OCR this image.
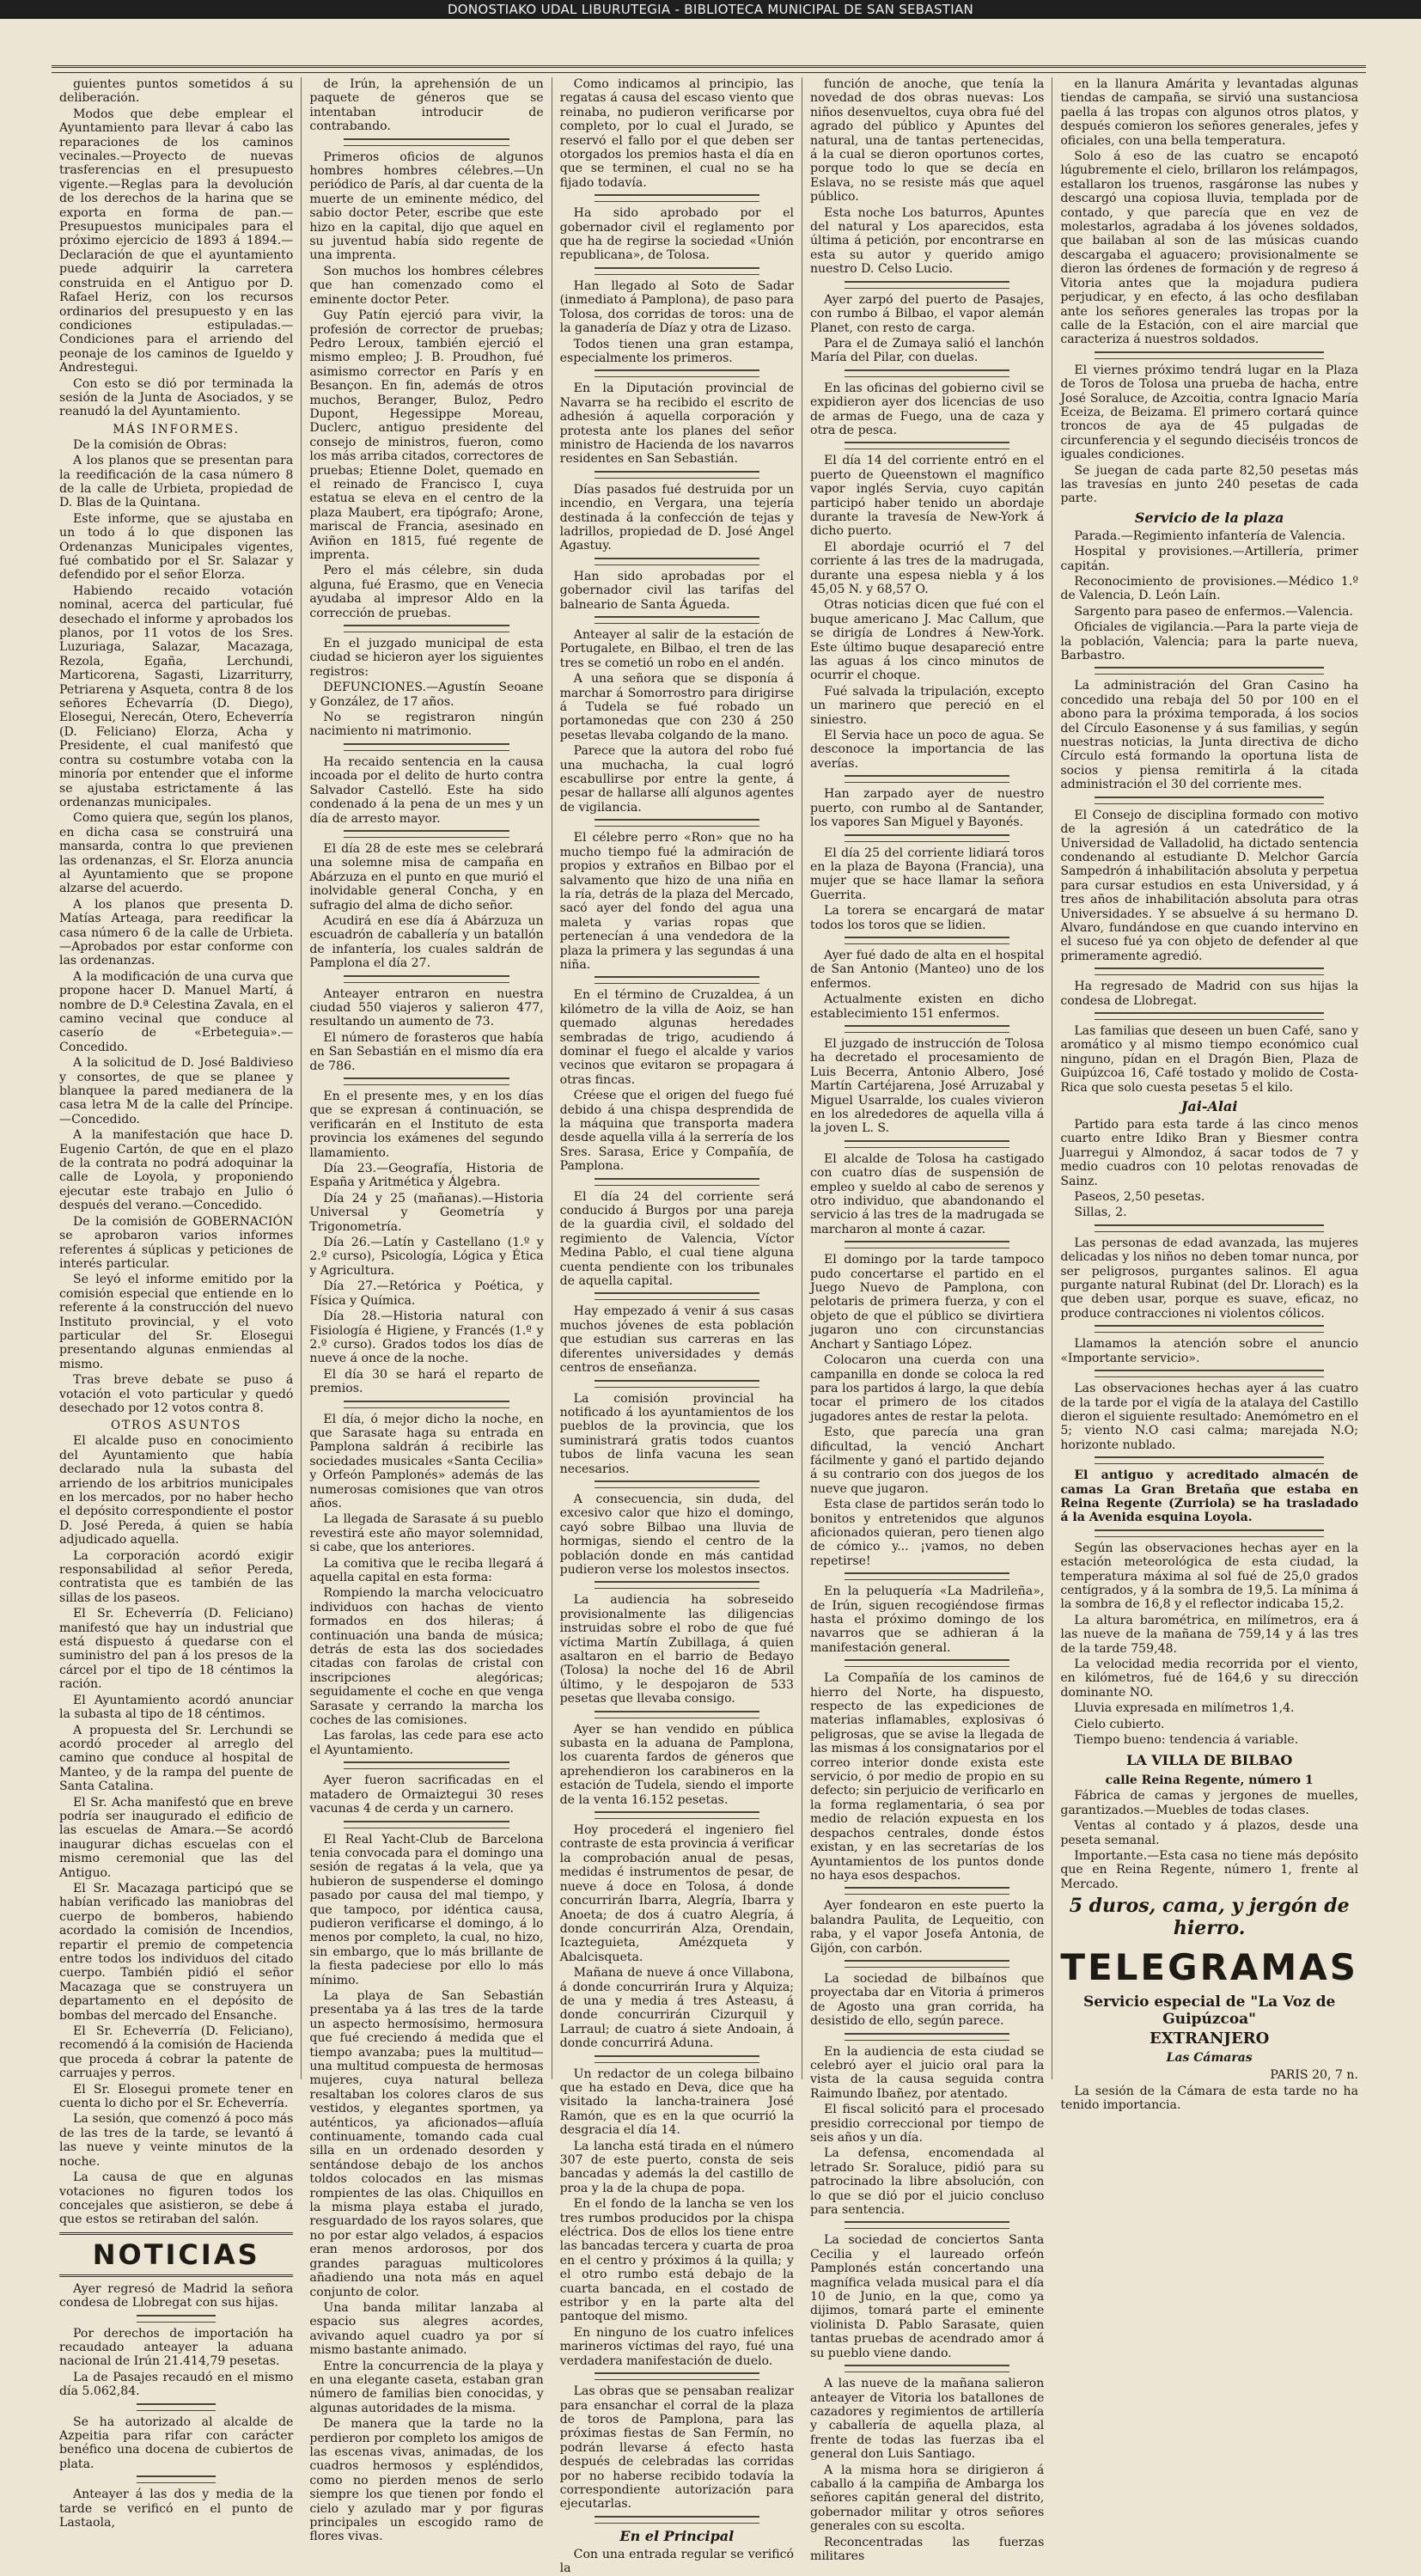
DONOSTIAKO UDAL LIBURUTEGIA - BIBLIOTECA MUNICIPAL DE SAN SEBASTIAN

guientes puntos sometidos á su deliberación.

Modos que debe emplear el Ayuntamiento para llevar á cabo las reparaciones de los caminos vecinales.—Proyecto de nuevas trasferencias en el presupuesto vigente.—Reglas para la devolución de los derechos de la harina que se exporta en forma de pan.—Presupuestos municipales para el próximo ejercicio de 1893 á 1894.—Declaración de que el ayuntamiento puede adquirir la carretera construida en el Antiguo por D. Rafael Heriz, con los recursos ordinarios del presupuesto y en las condiciones estipuladas.—Condiciones para el arriendo del peonaje de los caminos de Igueldo y Andrestegui.

Con esto se dió por terminada la sesión de la Junta de Asociados, y se reanudó la del Ayuntamiento.

MÁS INFORMES.

De la comisión de Obras:

A los planos que se presentan para la reedificación de la casa número 8 de la calle de Urbieta, propiedad de D. Blas de la Quintana.

Este informe, que se ajustaba en un todo á lo que disponen las Ordenanzas Municipales vigentes, fué combatido por el Sr. Salazar y defendido por el señor Elorza.

Habiendo recaido votación nominal, acerca del particular, fué desechado el informe y aprobados los planos, por 11 votos de los Sres. Luzuriaga, Salazar, Macazaga, Rezola, Egaña, Lerchundi, Marticorena, Sagasti, Lizarriturry, Petriarena y Asqueta, contra 8 de los señores Echevarría (D. Diego), Elosegui, Nerecán, Otero, Echeverría (D. Feliciano) Elorza, Acha y Presidente, el cual manifestó que contra su costumbre votaba con la minoría por entender que el informe se ajustaba estrictamente á las ordenanzas municipales.

Como quiera que, según los planos, en dicha casa se construirá una mansarda, contra lo que previenen las ordenanzas, el Sr. Elorza anuncia al Ayuntamiento que se propone alzarse del acuerdo.

A los planos que presenta D. Matías Arteaga, para reedificar la casa número 6 de la calle de Urbieta.—Aprobados por estar conforme con las ordenanzas.

A la modificación de una curva que propone hacer D. Manuel Martí, á nombre de D.ª Celestina Zavala, en el camino vecinal que conduce al caserío de «Erbeteguia».—Concedido.

A la solicitud de D. José Baldivieso y consortes, de que se planee y blanquee la pared medianera de la casa letra M de la calle del Príncipe.—Concedido.

A la manifestación que hace D. Eugenio Cartón, de que en el plazo de la contrata no podrá adoquinar la calle de Loyola, y proponiendo ejecutar este trabajo en Julio ó después del verano.—Concedido.

De la comisión de GOBERNACIÓN se aprobaron varios informes referentes á súplicas y peticiones de interés particular.

Se leyó el informe emitido por la comisión especial que entiende en lo referente á la construcción del nuevo Instituto provincial, y el voto particular del Sr. Elosegui presentando algunas enmiendas al mismo.

Tras breve debate se puso á votación el voto particular y quedó desechado por 12 votos contra 8.

OTROS ASUNTOS

El alcalde puso en conocimiento del Ayuntamiento que había declarado nula la subasta del arriendo de los arbitrios municipales en los mercados, por no haber hecho el depósito correspondiente el postor D. José Pereda, á quien se había adjudicado aquella.

La corporación acordó exigir responsabilidad al señor Pereda, contratista que es también de las sillas de los paseos.

El Sr. Echeverría (D. Feliciano) manifestó que hay un industrial que está dispuesto á quedarse con el suministro del pan á los presos de la cárcel por el tipo de 18 céntimos la ración.

El Ayuntamiento acordó anunciar la subasta al tipo de 18 céntimos.

A propuesta del Sr. Lerchundi se acordó proceder al arreglo del camino que conduce al hospital de Manteo, y de la rampa del puente de Santa Catalina.

El Sr. Acha manifestó que en breve podría ser inaugurado el edificio de las escuelas de Amara.—Se acordó inaugurar dichas escuelas con el mismo ceremonial que las del Antiguo.

El Sr. Macazaga participó que se habían verificado las maniobras del cuerpo de bomberos, habiendo acordado la comisión de Incendios, repartir el premio de competencia entre todos los individuos del citado cuerpo. También pidió el señor Macazaga que se construyera un departamento en el depósito de bombas del mercado del Ensanche.

El Sr. Echeverría (D. Feliciano), recomendó á la comisión de Hacienda que proceda á cobrar la patente de carruajes y perros.

El Sr. Elosegui promete tener en cuenta lo dicho por el Sr. Echeverría.

La sesión, que comenzó á poco más de las tres de la tarde, se levantó á las nueve y veinte minutos de la noche.

La causa de que en algunas votaciones no figuren todos los concejales que asistieron, se debe á que estos se retiraban del salón.

NOTICIAS

Ayer regresó de Madrid la señora condesa de Llobregat con sus hijas.

Por derechos de importación ha recaudado anteayer la aduana nacional de Irún 21.414,79 pesetas.

La de Pasajes recaudó en el mismo día 5.062,84.

Se ha autorizado al alcalde de Azpeitia para rifar con carácter benéfico una docena de cubiertos de plata.

Anteayer á las dos y media de la tarde se verificó en el punto de Lastaola,

de Irún, la aprehensión de un paquete de géneros que se intentaban introducir de contrabando.

Primeros oficios de algunos hombres hombres célebres.—Un periódico de París, al dar cuenta de la muerte de un eminente médico, del sabio doctor Peter, escribe que este hizo en la capital, dijo que aquel en su juventud había sido regente de una imprenta.

Son muchos los hombres célebres que han comenzado como el eminente doctor Peter.

Guy Patín ejerció para vivir, la profesión de corrector de pruebas; Pedro Leroux, también ejerció el mismo empleo; J. B. Proudhon, fué asimismo corrector en París y en Besançon. En fin, además de otros muchos, Beranger, Buloz, Pedro Dupont, Hegessippe Moreau, Duclerc, antiguo presidente del consejo de ministros, fueron, como los más arriba citados, correctores de pruebas; Etienne Dolet, quemado en el reinado de Francisco I, cuya estatua se eleva en el centro de la plaza Maubert, era tipógrafo; Arone, mariscal de Francia, asesinado en Aviñon en 1815, fué regente de imprenta.

Pero el más célebre, sin duda alguna, fué Erasmo, que en Venecia ayudaba al impresor Aldo en la corrección de pruebas.

En el juzgado municipal de esta ciudad se hicieron ayer los siguientes registros:

DEFUNCIONES.—Agustín Seoane y González, de 17 años.

No se registraron ningún nacimiento ni matrimonio.

Ha recaido sentencia en la causa incoada por el delito de hurto contra Salvador Castelló. Este ha sido condenado á la pena de un mes y un día de arresto mayor.

El día 28 de este mes se celebrará una solemne misa de campaña en Abárzuza en el punto en que murió el inolvidable general Concha, y en sufragio del alma de dicho señor.

Acudirá en ese día á Abárzuza un escuadrón de caballería y un batallón de infantería, los cuales saldrán de Pamplona el día 27.

Anteayer entraron en nuestra ciudad 550 viajeros y salieron 477, resultando un aumento de 73.

El número de forasteros que había en San Sebastián en el mismo día era de 786.

En el presente mes, y en los días que se expresan á continuación, se verificarán en el Instituto de esta provincia los exámenes del segundo llamamiento.

Día 23.—Geografía, Historia de España y Aritmética y Álgebra.

Día 24 y 25 (mañanas).—Historia Universal y Geometría y Trigonometría.

Día 26.—Latín y Castellano (1.º y 2.º curso), Psicología, Lógica y Ética y Agricultura.

Día 27.—Retórica y Poética, y Física y Química.

Día 28.—Historia natural con Fisiología é Higiene, y Francés (1.º y 2.º curso). Grados todos los días de nueve á once de la noche.

El día 30 se hará el reparto de premios.

El día, ó mejor dicho la noche, en que Sarasate haga su entrada en Pamplona saldrán á recibirle las sociedades musicales «Santa Cecilia» y Orfeón Pamplonés» además de las numerosas comisiones que van otros años.

La llegada de Sarasate á su pueblo revestirá este año mayor solemnidad, si cabe, que los anteriores.

La comitiva que le reciba llegará á aquella capital en esta forma:

Rompiendo la marcha velocicuatro individuos con hachas de viento formados en dos hileras; á continuación una banda de música; detrás de esta las dos sociedades citadas con farolas de cristal con inscripciones alegóricas; seguidamente el coche en que venga Sarasate y cerrando la marcha los coches de las comisiones.

Las farolas, las cede para ese acto el Ayuntamiento.

Ayer fueron sacrificadas en el matadero de Ormaiztegui 30 reses vacunas 4 de cerda y un carnero.

El Real Yacht-Club de Barcelona tenia convocada para el domingo una sesión de regatas á la vela, que ya hubieron de suspenderse el domingo pasado por causa del mal tiempo, y que tampoco, por idéntica causa, pudieron verificarse el domingo, á lo menos por completo, la cual, no hizo, sin embargo, que lo más brillante de la fiesta padeciese por ello lo más mínimo.

La playa de San Sebastián presentaba ya á las tres de la tarde un aspecto hermosísimo, hermosura que fué creciendo á medida que el tiempo avanzaba; pues la multitud—una multitud compuesta de hermosas mujeres, cuya natural belleza resaltaban los colores claros de sus vestidos, y elegantes sportmen, ya auténticos, ya aficionados—afluía continuamente, tomando cada cual silla en un ordenado desorden y sentándose debajo de los anchos toldos colocados en las mismas rompientes de las olas. Chiquillos en la misma playa estaba el jurado, resguardado de los rayos solares, que no por estar algo velados, á espacios eran menos ardorosos, por dos grandes paraguas multicolores añadiendo una nota más en aquel conjunto de color.

Una banda militar lanzaba al espacio sus alegres acordes, avivando aquel cuadro ya por sí mismo bastante animado.

Entre la concurrencia de la playa y en una elegante caseta, estaban gran número de familias bien conocidas, y algunas autoridades de la misma.

De manera que la tarde no la perdieron por completo los amigos de las escenas vivas, animadas, de los cuadros hermosos y espléndidos, como no pierden menos de serlo siempre los que tienen por fondo el cielo y azulado mar y por figuras principales un escogido ramo de flores vivas.

Como indicamos al principio, las regatas á causa del escaso viento que reinaba, no pudieron verificarse por completo, por lo cual el Jurado, se reservó el fallo por el que deben ser otorgados los premios hasta el día en que se terminen, el cual no se ha fijado todavía.

Ha sido aprobado por el gobernador civil el reglamento por que ha de regirse la sociedad «Unión republicana», de Tolosa.

Han llegado al Soto de Sadar (inmediato á Pamplona), de paso para Tolosa, dos corridas de toros: una de la ganadería de Díaz y otra de Lizaso.

Todos tienen una gran estampa, especialmente los primeros.

En la Diputación provincial de Navarra se ha recibido el escrito de adhesión á aquella corporación y protesta ante los planes del señor ministro de Hacienda de los navarros residentes en San Sebastián.

Días pasados fué destruida por un incendio, en Vergara, una tejería destinada á la confección de tejas y ladrillos, propiedad de D. José Angel Agastuy.

Han sido aprobadas por el gobernador civil las tarifas del balneario de Santa Águeda.

Anteayer al salir de la estación de Portugalete, en Bilbao, el tren de las tres se cometió un robo en el andén.

A una señora que se disponía á marchar á Somorrostro para dirigirse á Tudela se fué robado un portamonedas que con 230 á 250 pesetas llevaba colgando de la mano.

Parece que la autora del robo fué una muchacha, la cual logró escabullirse por entre la gente, á pesar de hallarse allí algunos agentes de vigilancia.

El célebre perro «Ron» que no ha mucho tiempo fué la admiración de propios y extraños en Bilbao por el salvamento que hizo de una niña en la ría, detrás de la plaza del Mercado, sacó ayer del fondo del agua una maleta y varias ropas que pertenecían á una vendedora de la plaza la primera y las segundas á una niña.

En el término de Cruzaldea, á un kilómetro de la villa de Aoiz, se han quemado algunas heredades sembradas de trigo, acudiendo á dominar el fuego el alcalde y varios vecinos que evitaron se propagara á otras fincas.

Créese que el origen del fuego fué debido á una chispa desprendida de la máquina que transporta madera desde aquella villa á la serrería de los Sres. Sarasa, Erice y Compañía, de Pamplona.

El día 24 del corriente será conducido á Burgos por una pareja de la guardia civil, el soldado del regimiento de Valencia, Víctor Medina Pablo, el cual tiene alguna cuenta pendiente con los tribunales de aquella capital.

Hay empezado á venir á sus casas muchos jóvenes de esta población que estudian sus carreras en las diferentes universidades y demás centros de enseñanza.

La comisión provincial ha notificado á los ayuntamientos de los pueblos de la provincia, que los suministrará gratis todos cuantos tubos de linfa vacuna les sean necesarios.

A consecuencia, sin duda, del excesivo calor que hizo el domingo, cayó sobre Bilbao una lluvia de hormigas, siendo el centro de la población donde en más cantidad pudieron verse los molestos insectos.

La audiencia ha sobreseido provisionalmente las diligencias instruidas sobre el robo de que fué víctima Martín Zubillaga, á quien asaltaron en el barrio de Bedayo (Tolosa) la noche del 16 de Abril último, y le despojaron de 533 pesetas que llevaba consigo.

Ayer se han vendido en pública subasta en la aduana de Pamplona, los cuarenta fardos de géneros que aprehendieron los carabineros en la estación de Tudela, siendo el importe de la venta 16.152 pesetas.

Hoy procederá el ingeniero fiel contraste de esta provincia á verificar la comprobación anual de pesas, medidas é instrumentos de pesar, de nueve á doce en Tolosa, á donde concurrirán Ibarra, Alegría, Ibarra y Anoeta; de dos á cuatro Alegría, á donde concurrirán Alza, Orendain, Icazteguieta, Amézqueta y Abalcisqueta.

Mañana de nueve á once Villabona, á donde concurrirán Irura y Alquiza; de una y media á tres Asteasu, á donde concurrirán Cizurquil y Larraul; de cuatro á siete Andoain, á donde concurrirá Aduna.

Un redactor de un colega bilbaino que ha estado en Deva, dice que ha visitado la lancha-trainera José Ramón, que es en la que ocurrió la desgracia el día 14.

La lancha está tirada en el número 307 de este puerto, consta de seis bancadas y además la del castillo de proa y la de la chupa de popa.

En el fondo de la lancha se ven los tres rumbos producidos por la chispa eléctrica. Dos de ellos los tiene entre las bancadas tercera y cuarta de proa en el centro y próximos á la quilla; y el otro rumbo está debajo de la cuarta bancada, en el costado de estribor y en la parte alta del pantoque del mismo.

En ninguno de los cuatro infelices marineros víctimas del rayo, fué una verdadera manifestación de duelo.

Las obras que se pensaban realizar para ensanchar el corral de la plaza de toros de Pamplona, para las próximas fiestas de San Fermín, no podrán llevarse á efecto hasta después de celebradas las corridas por no haberse recibido todavía la correspondiente autorización para ejecutarlas.

En el Principal

Con una entrada regular se verificó la

función de anoche, que tenía la novedad de dos obras nuevas: Los niños desenvueltos, cuya obra fué del agrado del público y Apuntes del natural, una de tantas pertenecidas, á la cual se dieron oportunos cortes, porque todo lo que se decía en Eslava, no se resiste más que aquel público.

Esta noche Los baturros, Apuntes del natural y Los aparecidos, esta última á petición, por encontrarse en esta su autor y querido amigo nuestro D. Celso Lucio.

Ayer zarpó del puerto de Pasajes, con rumbo á Bilbao, el vapor alemán Planet, con resto de carga.

Para el de Zumaya salió el lanchón María del Pilar, con duelas.

En las oficinas del gobierno civil se expidieron ayer dos licencias de uso de armas de Fuego, una de caza y otra de pesca.

El día 14 del corriente entró en el puerto de Queenstown el magnífico vapor inglés Servia, cuyo capitán participó haber tenido un abordaje durante la travesía de New-York á dicho puerto.

El abordaje ocurrió el 7 del corriente á las tres de la madrugada, durante una espesa niebla y á los 45,05 N. y 68,57 O.

Otras noticias dicen que fué con el buque americano J. Mac Callum, que se dirigía de Londres á New-York. Este último buque desapareció entre las aguas á los cinco minutos de ocurrir el choque.

Fué salvada la tripulación, excepto un marinero que pereció en el siniestro.

El Servia hace un poco de agua. Se desconoce la importancia de las averías.

Han zarpado ayer de nuestro puerto, con rumbo al de Santander, los vapores San Miguel y Bayonés.

El día 25 del corriente lidiará toros en la plaza de Bayona (Francia), una mujer que se hace llamar la señora Guerrita.

La torera se encargará de matar todos los toros que se lidien.

Ayer fué dado de alta en el hospital de San Antonio (Manteo) uno de los enfermos.

Actualmente existen en dicho establecimiento 151 enfermos.

El juzgado de instrucción de Tolosa ha decretado el procesamiento de Luis Becerra, Antonio Albero, José Martín Cartéjarena, José Arruzabal y Miguel Usarralde, los cuales vivieron en los alrededores de aquella villa á la joven L. S.

El alcalde de Tolosa ha castigado con cuatro días de suspensión de empleo y sueldo al cabo de serenos y otro individuo, que abandonando el servicio á las tres de la madrugada se marcharon al monte á cazar.

El domingo por la tarde tampoco pudo concertarse el partido en el Juego Nuevo de Pamplona, con pelotaris de primera fuerza, y con el objeto de que el público se divirtiera jugaron uno con circunstancias Anchart y Santiago López.

Colocaron una cuerda con una campanilla en donde se coloca la red para los partidos á largo, la que debía tocar el primero de los citados jugadores antes de restar la pelota.

Esto, que parecía una gran dificultad, la venció Anchart fácilmente y ganó el partido dejando á su contrario con dos juegos de los nueve que jugaron.

Esta clase de partidos serán todo lo bonitos y entretenidos que algunos aficionados quieran, pero tienen algo de cómico y... ¡vamos, no deben repetirse!

En la peluquería «La Madrileña», de Irún, siguen recogiéndose firmas hasta el próximo domingo de los navarros que se adhieran á la manifestación general.

La Compañía de los caminos de hierro del Norte, ha dispuesto, respecto de las expediciones de materias inflamables, explosivas ó peligrosas, que se avise la llegada de las mismas á los consignatarios por el correo interior donde exista este servicio, ó por medio de propio en su defecto; sin perjuicio de verificarlo en la forma reglamentaria, ó sea por medio de relación expuesta en los despachos centrales, donde éstos existan, y en las secretarías de los Ayuntamientos de los puntos donde no haya esos despachos.

Ayer fondearon en este puerto la balandra Paulita, de Lequeitio, con raba, y el vapor Josefa Antonia, de Gijón, con carbón.

La sociedad de bilbaínos que proyectaba dar en Vitoria á primeros de Agosto una gran corrida, ha desistido de ello, según parece.

En la audiencia de esta ciudad se celebró ayer el juicio oral para la vista de la causa seguida contra Raimundo Ibañez, por atentado.

El fiscal solicitó para el procesado presidio correccional por tiempo de seis años y un día.

La defensa, encomendada al letrado Sr. Soraluce, pidió para su patrocinado la libre absolución, con lo que se dió por el juicio concluso para sentencia.

La sociedad de conciertos Santa Cecilia y el laureado orfeón Pamplonés están concertando una magnífica velada musical para el día 10 de Junio, en la que, como ya dijimos, tomará parte el eminente violinista D. Pablo Sarasate, quien tantas pruebas de acendrado amor á su pueblo viene dando.

A las nueve de la mañana salieron anteayer de Vitoria los batallones de cazadores y regimientos de artillería y caballería de aquella plaza, al frente de todas las fuerzas iba el general don Luis Santiago.

A la misma hora se dirigieron á caballo á la campiña de Ambarga los señores capitán general del distrito, gobernador militar y otros señores generales con su escolta.

Reconcentradas las fuerzas militares

en la llanura Amárita y levantadas algunas tiendas de campaña, se sirvió una sustanciosa paella á las tropas con algunos otros platos, y después comieron los señores generales, jefes y oficiales, con una bella temperatura.

Solo á eso de las cuatro se encapotó lúgubremente el cielo, brillaron los relámpagos, estallaron los truenos, rasgáronse las nubes y descargó una copiosa lluvia, templada por de contado, y que parecía que en vez de molestarlos, agradaba á los jóvenes soldados, que bailaban al son de las músicas cuando descargaba el aguacero; provisionalmente se dieron las órdenes de formación y de regreso á Vitoria antes que la mojadura pudiera perjudicar, y en efecto, á las ocho desfilaban ante los señores generales las tropas por la calle de la Estación, con el aire marcial que caracteriza á nuestros soldados.

El viernes próximo tendrá lugar en la Plaza de Toros de Tolosa una prueba de hacha, entre José Soraluce, de Azcoitia, contra Ignacio María Eceiza, de Beizama. El primero cortará quince troncos de aya de 45 pulgadas de circunferencia y el segundo dieciséis troncos de iguales condiciones.

Se juegan de cada parte 82,50 pesetas más las travesías en junto 240 pesetas de cada parte.

Servicio de la plaza

Parada.—Regimiento infantería de Valencia.

Hospital y provisiones.—Artillería, primer capitán.

Reconocimiento de provisiones.—Médico 1.º de Valencia, D. León Laín.

Sargento para paseo de enfermos.—Valencia.

Oficiales de vigilancia.—Para la parte vieja de la población, Valencia; para la parte nueva, Barbastro.

La administración del Gran Casino ha concedido una rebaja del 50 por 100 en el abono para la próxima temporada, á los socios del Círculo Easonense y á sus familias, y según nuestras noticias, la Junta directiva de dicho Círculo está formando la oportuna lista de socios y piensa remitirla á la citada administración el 30 del corriente mes.

El Consejo de disciplina formado con motivo de la agresión á un catedrático de la Universidad de Valladolid, ha dictado sentencia condenando al estudiante D. Melchor García Sampedrón á inhabilitación absoluta y perpetua para cursar estudios en esta Universidad, y á tres años de inhabilitación absoluta para otras Universidades. Y se absuelve á su hermano D. Alvaro, fundándose en que cuando intervino en el suceso fué ya con objeto de defender al que primeramente agredió.

Ha regresado de Madrid con sus hijas la condesa de Llobregat.

Las familias que deseen un buen Café, sano y aromático y al mismo tiempo económico cual ninguno, pídan en el Dragón Bien, Plaza de Guipúzcoa 16, Café tostado y molido de Costa-Rica que solo cuesta pesetas 5 el kilo.

Jai-Alai

Partido para esta tarde á las cinco menos cuarto entre Idiko Bran y Biesmer contra Juarregui y Almondoz, á sacar todos de 7 y medio cuadros con 10 pelotas renovadas de Sainz.

Paseos, 2,50 pesetas.

Sillas, 2.

Las personas de edad avanzada, las mujeres delicadas y los niños no deben tomar nunca, por ser peligrosos, purgantes salinos. El agua purgante natural Rubinat (del Dr. Llorach) es la que deben usar, porque es suave, eficaz, no produce contracciones ni violentos cólicos.

Llamamos la atención sobre el anuncio «Importante servicio».

Las observaciones hechas ayer á las cuatro de la tarde por el vigía de la atalaya del Castillo dieron el siguiente resultado: Anemómetro en el 5; viento N.O casi calma; marejada N.O; horizonte nublado.

El antiguo y acreditado almacén de camas La Gran Bretaña que estaba en Reina Regente (Zurriola) se ha trasladado á la Avenida esquina Loyola.

Según las observaciones hechas ayer en la estación meteorológica de esta ciudad, la temperatura máxima al sol fué de 25,0 grados centígrados, y á la sombra de 19,5. La mínima á la sombra de 16,8 y el reflector indicaba 15,2.

La altura barométrica, en milímetros, era á las nueve de la mañana de 759,14 y á las tres de la tarde 759,48.

La velocidad media recorrida por el viento, en kilómetros, fué de 164,6 y su dirección dominante NO.

Lluvia expresada en milímetros 1,4.

Cielo cubierto.

Tiempo bueno: tendencia á variable.

LA VILLA DE BILBAO
calle Reina Regente, número 1

Fábrica de camas y jergones de muelles, garantizados.—Muebles de todas clases.

Ventas al contado y á plazos, desde una peseta semanal.

Importante.—Esta casa no tiene más depósito que en Reina Regente, número 1, frente al Mercado.

5 duros, cama, y jergón de hierro.
TELEGRAMAS
Servicio especial de "La Voz de Guipúzcoa"
EXTRANJERO
Las Cámaras

PARIS 20, 7 n.

La sesión de la Cámara de esta tarde no ha tenido importancia.
